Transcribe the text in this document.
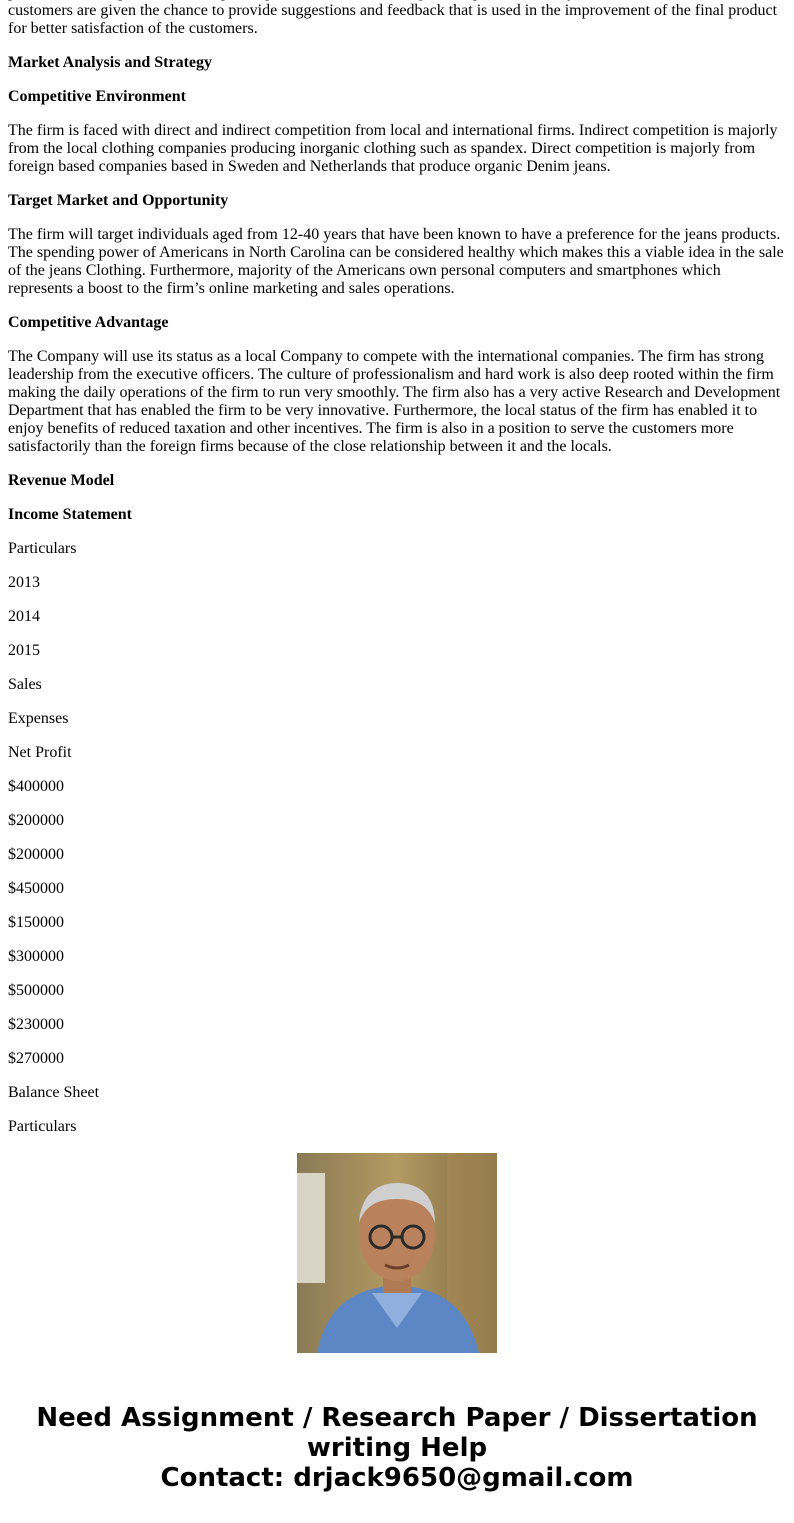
customers are given the chance to provide suggestions and feedback that is used in the improvement of the final product for better satisfaction of the customers.

Market Analysis and Strategy
Competitive Environment

The firm is faced with direct and indirect competition from local and international firms. Indirect competition is majorly from the local clothing companies producing inorganic clothing such as spandex. Direct competition is majorly from foreign based companies based in Sweden and Netherlands that produce organic Denim jeans.

Target Market and Opportunity

The firm will target individuals aged from 12-40 years that have been known to have a preference for the jeans products. The spending power of Americans in North Carolina can be considered healthy which makes this a viable idea in the sale of the jeans Clothing. Furthermore, majority of the Americans own personal computers and smartphones which represents a boost to the firm’s online marketing and sales operations.

Competitive Advantage

The Company will use its status as a local Company to compete with the international companies. The firm has strong leadership from the executive officers. The culture of professionalism and hard work is also deep rooted within the firm making the daily operations of the firm to run very smoothly. The firm also has a very active Research and Development Department that has enabled the firm to be very innovative. Furthermore, the local status of the firm has enabled it to enjoy benefits of reduced taxation and other incentives. The firm is also in a position to serve the customers more satisfactorily than the foreign firms because of the close relationship between it and the locals.

Revenue Model
Income Statement

Particulars

2013

2014

2015

Sales

Expenses

Net Profit

$400000

$200000

$200000

$450000

$150000

$300000

$500000

$230000

$270000

Balance Sheet

Particulars

Need Assignment / Research Paper / Dissertation writing Help
Contact: drjack9650@gmail.com
